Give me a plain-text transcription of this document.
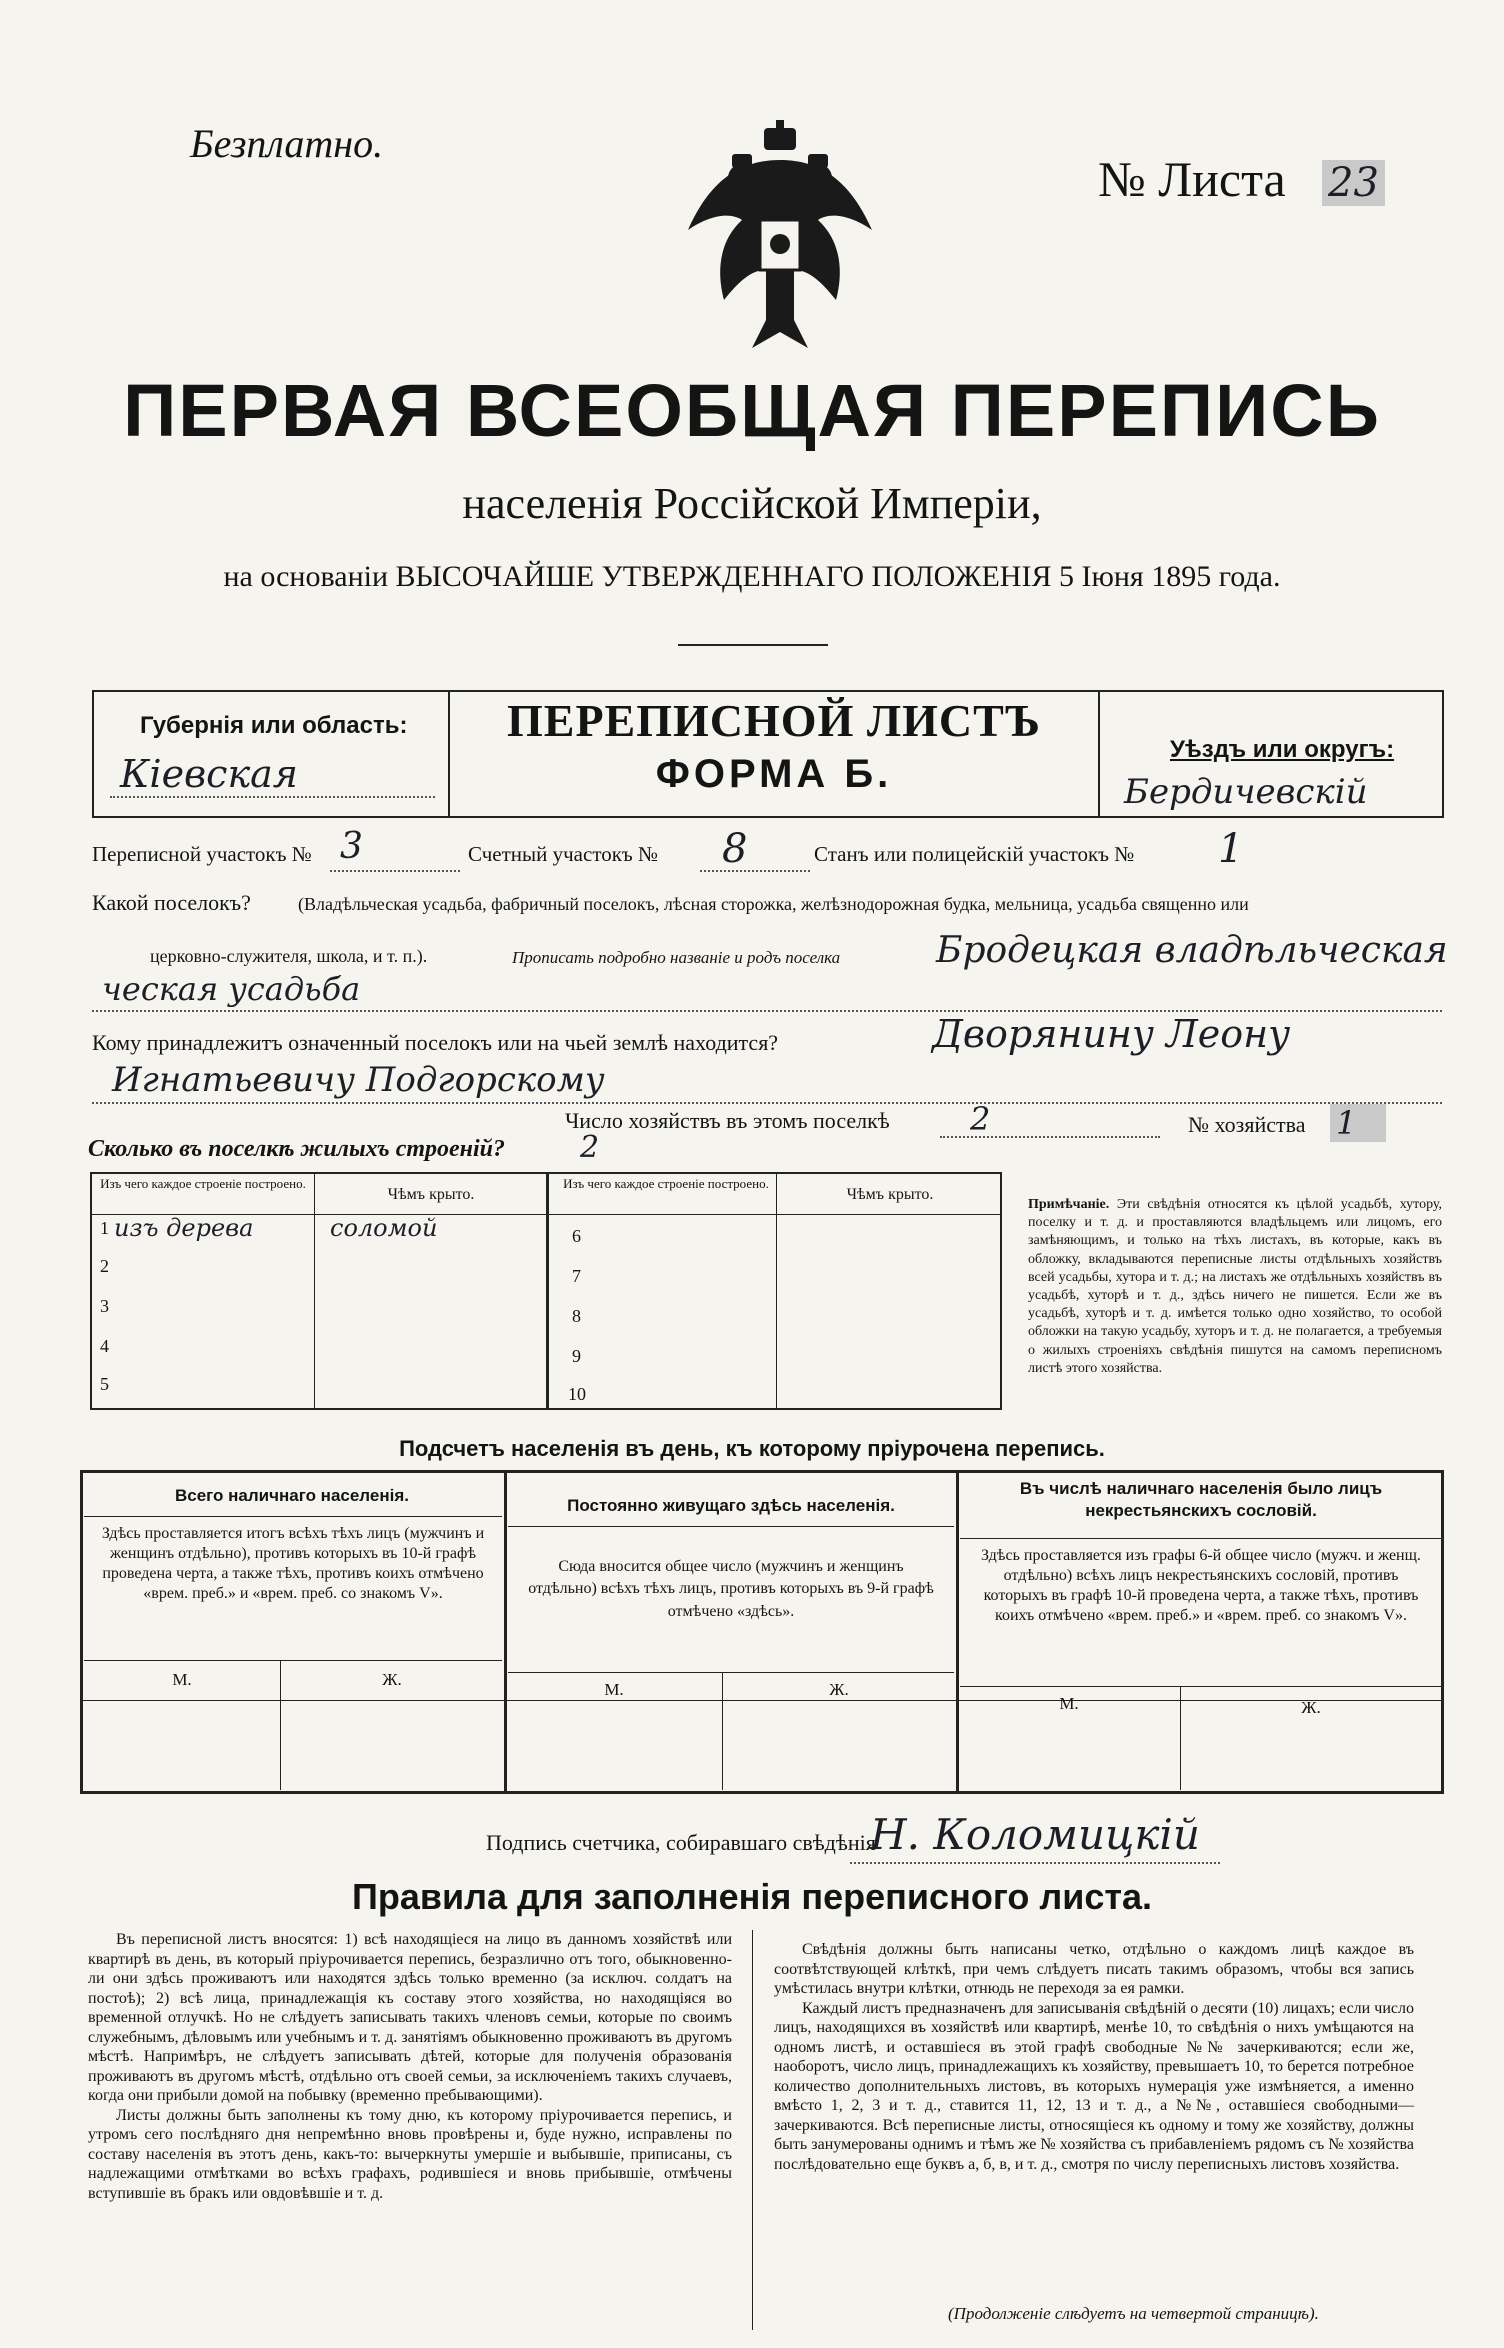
Безплатно.
№ Листа 23
ПЕРВАЯ ВСЕОБЩАЯ ПЕРЕПИСЬ
населенія Россійской Имперіи,
на основаніи ВЫСОЧАЙШЕ УТВЕРЖДЕННАГО ПОЛОЖЕНІЯ 5 Іюня 1895 года.
Губернія или область:
Кіевская
ПЕРЕПИСНОЙ ЛИСТЪ
ФОРМА Б.
Уѣздъ или округъ:
Бердичевскій
Переписной участокъ № 3	Счетный участокъ № 8	Станъ или полицейскій участокъ № 1
Какой поселокъ?	(Владѣльческая усадьба, фабричный поселокъ, лѣсная сторожка, желѣзнодорожная будка, мельница, усадьба священно или
церковно-служителя, школа, и т. п.).	Прописать подробно названіе и родъ поселка	Бродецкая владѣльческая
ческая усадьба
Кому принадлежитъ означенный поселокъ или на чьей землѣ находится?	Дворянину Леону
Игнатьевичу Подгорскому
Число хозяйствъ въ этомъ поселкѣ	2	№ хозяйства 1
Сколько въ поселкѣ жилыхъ строеній?	2
Изъ чего каждое строеніе построено.
Чѣмъ крыто.
Изъ чего каждое строеніе построено.
Чѣмъ крыто.
1 изъ дерева	соломой
2
3
4
5
6
7
8
9
10
Примѣчаніе. Эти свѣдѣнія относятся къ цѣлой усадьбѣ, хутору, поселку и т. д. и проставляются владѣльцемъ или лицомъ, его замѣняющимъ, и только на тѣхъ листахъ, въ которые, какъ въ обложку, вкладываются переписные листы отдѣльныхъ хозяйствъ всей усадьбы, хутора и т. д.; на листахъ же отдѣльныхъ хозяйствъ въ усадьбѣ, хуторѣ и т. д., здѣсь ничего не пишется. Если же въ усадьбѣ, хуторѣ и т. д. имѣется только одно хозяйство, то особой обложки на такую усадьбу, хуторъ и т. д. не полагается, а требуемыя о жилыхъ строеніяхъ свѣдѣнія пишутся на самомъ переписномъ листѣ этого хозяйства.
Подсчетъ населенія въ день, къ которому пріурочена перепись.
Всего наличнаго населенія.
Здѣсь проставляется итогъ всѣхъ тѣхъ лицъ (мужчинъ и женщинъ отдѣльно), противъ которыхъ въ 10-й графѣ проведена черта, а также тѣхъ, противъ коихъ отмѣчено «врем. преб.» и «врем. преб. со знакомъ V».
М.	Ж.
Постоянно живущаго здѣсь населенія.
Сюда вносится общее число (мужчинъ и женщинъ отдѣльно) всѣхъ тѣхъ лицъ, противъ которыхъ въ 9-й графѣ отмѣчено «здѣсь».
М.	Ж.
Въ числѣ наличнаго населенія было лицъ некрестьянскихъ сословій.
Здѣсь проставляется изъ графы 6-й общее число (мужч. и женщ. отдѣльно) всѣхъ лицъ некрестьянскихъ сословій, противъ которыхъ въ графѣ 10-й проведена черта, а также тѣхъ, противъ коихъ отмѣчено «врем. преб.» и «врем. преб. со знакомъ V».
М.	Ж.
Подпись счетчика, собиравшаго свѣдѣнія
Н. Коломицкій
Правила для заполненія переписного листа.
Въ переписной листъ вносятся: 1) всѣ находящіеся на лицо въ данномъ хозяйствѣ или квартирѣ въ день, въ который пріурочивается перепись, безразлично отъ того, обыкновенно-ли они здѣсь проживаютъ или находятся здѣсь только временно (за исключ. солдатъ на постоѣ); 2) всѣ лица, принадлежащія къ составу этого хозяйства, но находящіяся во временной отлучкѣ. Но не слѣдуетъ записывать такихъ членовъ семьи, которые по своимъ служебнымъ, дѣловымъ или учебнымъ и т. д. занятіямъ обыкновенно проживаютъ въ другомъ мѣстѣ. Напримѣръ, не слѣдуетъ записывать дѣтей, которые для полученія образованія проживаютъ въ другомъ мѣстѣ, отдѣльно отъ своей семьи, за исключеніемъ такихъ случаевъ, когда они прибыли домой на побывку (временно пребывающими).
Листы должны быть заполнены къ тому дню, къ которому пріурочивается перепись, и утромъ сего послѣдняго дня непремѣнно вновь провѣрены и, буде нужно, исправлены по составу населенія въ этотъ день, какъ-то: вычеркнуты умершіе и выбывшіе, приписаны, съ надлежащими отмѣтками во всѣхъ графахъ, родившіеся и вновь прибывшіе, отмѣчены вступившіе въ бракъ или овдовѣвшіе и т. д.
Свѣдѣнія должны быть написаны четко, отдѣльно о каждомъ лицѣ каждое въ соотвѣтствующей клѣткѣ, при чемъ слѣдуетъ писать такимъ образомъ, чтобы вся запись умѣстилась внутри клѣтки, отнюдь не переходя за ея рамки.
Каждый листъ предназначенъ для записыванія свѣдѣній о десяти (10) лицахъ; если число лицъ, находящихся въ хозяйствѣ или квартирѣ, менѣе 10, то свѣдѣнія о нихъ умѣщаются на одномъ листѣ, и оставшіеся въ этой графѣ свободные №№ зачеркиваются; если же, наоборотъ, число лицъ, принадлежащихъ къ хозяйству, превышаетъ 10, то берется потребное количество дополнительныхъ листовъ, въ которыхъ нумерація уже измѣняется, а именно вмѣсто 1, 2, 3 и т. д., ставится 11, 12, 13 и т. д., а №№, оставшіеся свободными—зачеркиваются. Всѣ переписные листы, относящіеся къ одному и тому же хозяйству, должны быть занумерованы однимъ и тѣмъ же № хозяйства съ прибавленіемъ рядомъ съ № хозяйства послѣдовательно еще буквъ а, б, в, и т. д., смотря по числу переписныхъ листовъ хозяйства.
(Продолженіе слѣдуетъ на четвертой страницѣ).
